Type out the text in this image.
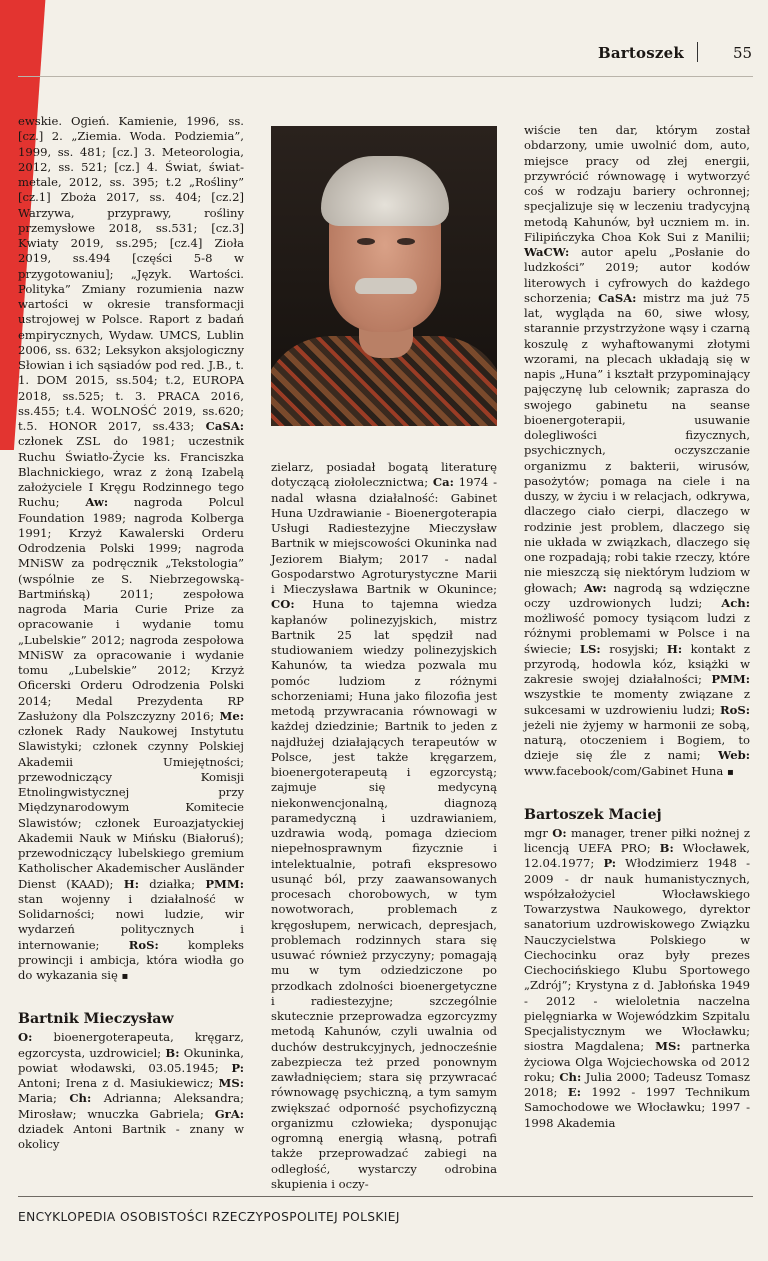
Bartoszek	55

ewskie. Ogień. Kamienie, 1996, ss. [cz.] 2. „Ziemia. Woda. Podziemia”, 1999, ss. 481; [cz.] 3. Meteorologia, 2012, ss. 521; [cz.] 4. Świat, świat-metale, 2012, ss. 395; t.2 „Rośliny” [cz.1] Zboża 2017, ss. 404; [cz.2] Warzywa, przyprawy, rośliny przemysłowe 2018, ss.531; [cz.3] Kwiaty 2019, ss.295; [cz.4] Zioła 2019, ss.494 [części 5-8 w przygotowaniu]; „Język. Wartości. Polityka” Zmiany rozumienia nazw wartości w okresie transformacji ustrojowej w Polsce. Raport z badań empirycznych, Wydaw. UMCS, Lublin 2006, ss. 632; Leksykon aksjologiczny Słowian i ich sąsiadów pod red. J.B., t. 1. DOM 2015, ss.504; t.2, EUROPA 2018, ss.525; t. 3. PRACA 2016, ss.455; t.4. WOLNOŚĆ 2019, ss.620; t.5. HONOR 2017, ss.433; CaSA: członek ZSL do 1981; uczestnik Ruchu Światło-Życie ks. Franciszka Blachnickiego, wraz z żoną Izabelą założyciele I Kręgu Rodzinnego tego Ruchu; Aw: nagroda Polcul Foundation 1989; nagroda Kolberga 1991; Krzyż Kawalerski Orderu Odrodzenia Polski 1999; nagroda MNiSW za podręcznik „Tekstologia” (wspólnie ze S. Niebrzegowską-Bartmińską) 2011; zespołowa nagroda Maria Curie Prize za opracowanie i wydanie tomu „Lubelskie” 2012; nagroda zespołowa MNiSW za opracowanie i wydanie tomu „Lubelskie” 2012; Krzyż Oficerski Orderu Odrodzenia Polski 2014; Medal Prezydenta RP Zasłużony dla Polszczyzny 2016; Me: członek Rady Naukowej Instytutu Slawistyki; członek czynny Polskiej Akademii Umiejętności; przewodniczący Komisji Etnolingwistycznej przy Międzynarodowym Komitecie Slawistów; członek Euroazjatyckiej Akademii Nauk w Mińsku (Białoruś); przewodniczący lubelskiego gremium Katholischer Akademischer Ausländer Dienst (KAAD); H: działka; PMM: stan wojenny i działalność w Solidarności; nowi ludzie, wir wydarzeń politycznych i internowanie; RoS: kompleks prowincji i ambicja, która wiodła go do wykazania się ▪

Bartnik Mieczysław

O: bioenergoterapeuta, kręgarz, egzorcysta, uzdrowiciel; B: Okuninka, powiat włodawski, 03.05.1945; P: Antoni; Irena z d. Masiukiewicz; MS: Maria; Ch: Adrianna; Aleksandra; Mirosław; wnuczka Gabriela; GrA: dziadek Antoni Bartnik - znany w okolicy

zielarz, posiadał bogatą literaturę dotyczącą ziołolecznictwa; Ca: 1974 - nadal własna działalność: Gabinet Huna Uzdrawianie - Bioenergoterapia Usługi Radiestezyjne Mieczysław Bartnik w miejscowości Okuninka nad Jeziorem Białym; 2017 - nadal Gospodarstwo Agroturystyczne Marii i Mieczysława Bartnik w Okunince; CO: Huna to tajemna wiedza kapłanów polinezyjskich, mistrz Bartnik 25 lat spędził nad studiowaniem wiedzy polinezyjskich Kahunów, ta wiedza pozwala mu pomóc ludziom z różnymi schorzeniami; Huna jako filozofia jest metodą przywracania równowagi w każdej dziedzinie; Bartnik to jeden z najdłużej działających terapeutów w Polsce, jest także kręgarzem, bioenergoterapeutą i egzorcystą; zajmuje się medycyną niekonwencjonalną, diagnozą paramedyczną i uzdrawianiem, uzdrawia wodą, pomaga dzieciom niepełnosprawnym fizycznie i intelektualnie, potrafi ekspresowo usunąć ból, przy zaawansowanych procesach chorobowych, w tym nowotworach, problemach z kręgosłupem, nerwicach, depresjach, problemach rodzinnych stara się usuwać również przyczyny; pomagają mu w tym odziedziczone po przodkach zdolności bioenergetyczne i radiestezyjne; szczególnie skutecznie przeprowadza egzorcyzmy metodą Kahunów, czyli uwalnia od duchów destrukcyjnych, jednocześnie zabezpiecza też przed ponownym zawładnięciem; stara się przywracać równowagę psychiczną, a tym samym zwiększać odporność psychofizyczną organizmu człowieka; dysponując ogromną energią własną, potrafi także przeprowadzać zabiegi na odległość, wystarczy odrobina skupienia i oczy-

wiście ten dar, którym został obdarzony, umie uwolnić dom, auto, miejsce pracy od złej energii, przywrócić równowagę i wytworzyć coś w rodzaju bariery ochronnej; specjalizuje się w leczeniu tradycyjną metodą Kahunów, był uczniem m. in. Filipińczyka Choa Kok Sui z Manilii; WaCW: autor apelu „Posłanie do ludzkości” 2019; autor kodów literowych i cyfrowych do każdego schorzenia; CaSA: mistrz ma już 75 lat, wygląda na 60, siwe włosy, starannie przystrzyżone wąsy i czarną koszulę z wyhaftowanymi złotymi wzorami, na plecach układają się w napis „Huna” i kształt przypominający pajęczynę lub celownik; zaprasza do swojego gabinetu na seanse bioenergoterapii, usuwanie dolegliwości fizycznych, psychicznych, oczyszczanie organizmu z bakterii, wirusów, pasożytów; pomaga na ciele i na duszy, w życiu i w relacjach, odkrywa, dlaczego ciało cierpi, dlaczego w rodzinie jest problem, dlaczego się nie układa w związkach, dlaczego się one rozpadają; robi takie rzeczy, które nie mieszczą się niektórym ludziom w głowach; Aw: nagrodą są wdzięczne oczy uzdrowionych ludzi; Ach: możliwość pomocy tysiącom ludzi z różnymi problemami w Polsce i na świecie; LS: rosyjski; H: kontakt z przyrodą, hodowla kóz, książki w zakresie swojej działalności; PMM: wszystkie te momenty związane z sukcesami w uzdrowieniu ludzi; RoS: jeżeli nie żyjemy w harmonii ze sobą, naturą, otoczeniem i Bogiem, to dzieje się źle z nami; Web: www.facebook/com/Gabinet Huna ▪

Bartoszek Maciej

mgr O: manager, trener piłki nożnej z licencją UEFA PRO; B: Włocławek, 12.04.1977; P: Włodzimierz 1948 - 2009 - dr nauk humanistycznych, współzałożyciel Włocławskiego Towarzystwa Naukowego, dyrektor sanatorium uzdrowiskowego Związku Nauczycielstwa Polskiego w Ciechocinku oraz były prezes Ciechocińskiego Klubu Sportowego „Zdrój”; Krystyna z d. Jabłońska 1949 - 2012 - wieloletnia naczelna pielęgniarka w Wojewódzkim Szpitalu Specjalistycznym we Włocławku; siostra Magdalena; MS: partnerka życiowa Olga Wojciechowska od 2012 roku; Ch: Julia 2000; Tadeusz Tomasz 2018; E: 1992 - 1997 Technikum Samochodowe we Włocławku; 1997 - 1998 Akademia

ENCYKLOPEDIA OSOBISTOŚCI RZECZYPOSPOLITEJ POLSKIEJ
